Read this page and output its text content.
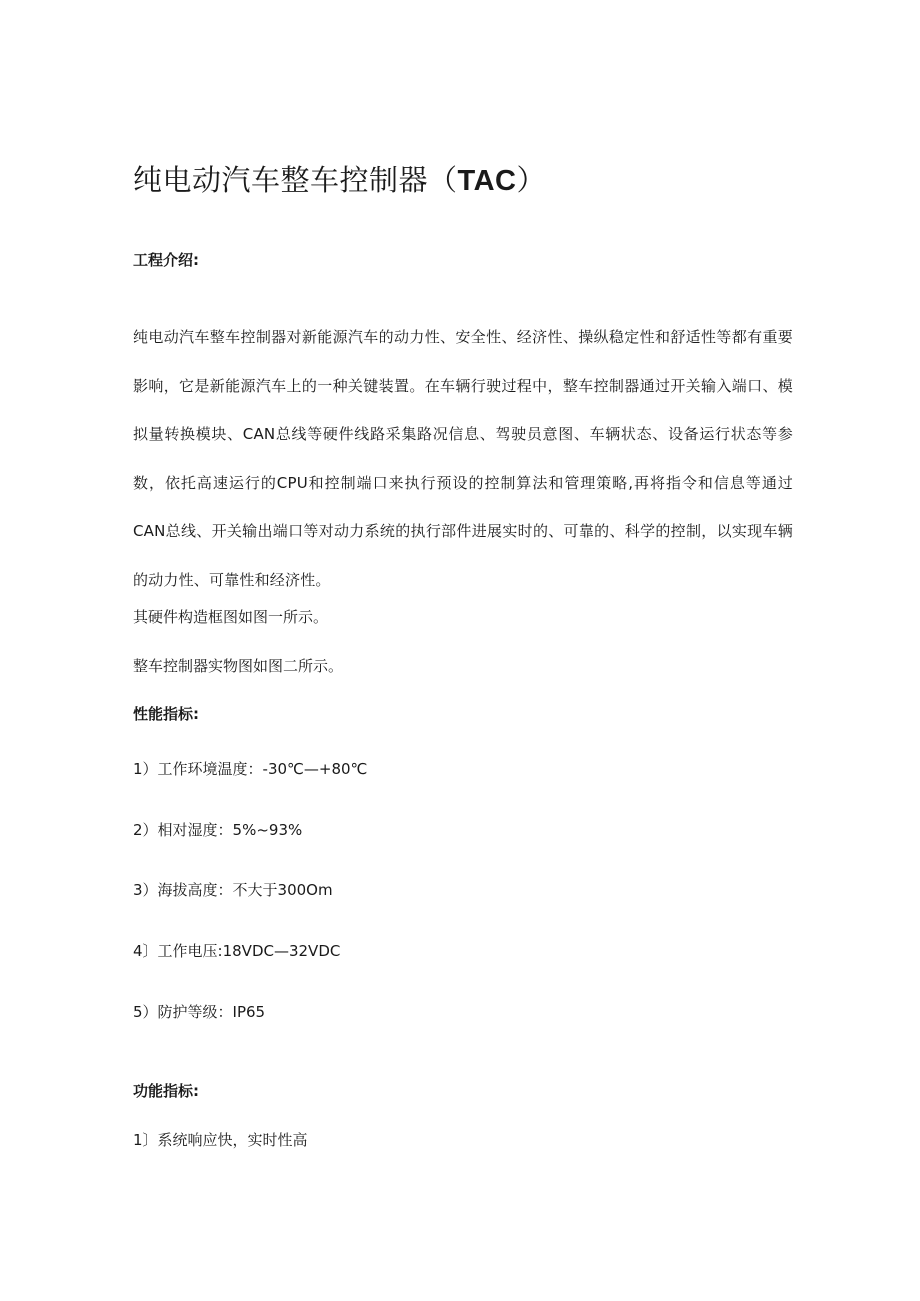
纯电动汽车整车控制器（TAC）
工程介绍:

纯电动汽车整车控制器对新能源汽车的动力性、安全性、经济性、操纵稳定性和舒适性等都有重要影响，它是新能源汽车上的一种关键装置。在车辆行驶过程中，整车控制器通过开关输入端口、模拟量转换模块、CAN总线等硬件线路采集路况信息、驾驶员意图、车辆状态、设备运行状态等参数，依托高速运行的CPU和控制端口来执行预设的控制算法和管理策略,再将指令和信息等通过CAN总线、开关输出端口等对动力系统的执行部件进展实时的、可靠的、科学的控制，以实现车辆的动力性、可靠性和经济性。

其硬件构造框图如图一所示。

整车控制器实物图如图二所示。

性能指标:

1）工作环境温度：-30℃—+80℃

2）相对湿度：5%~93%

3）海拔高度：不大于300Om

4〕工作电压:18VDC—32VDC

5）防护等级：IP65

功能指标:

1〕系统响应快，实时性高
